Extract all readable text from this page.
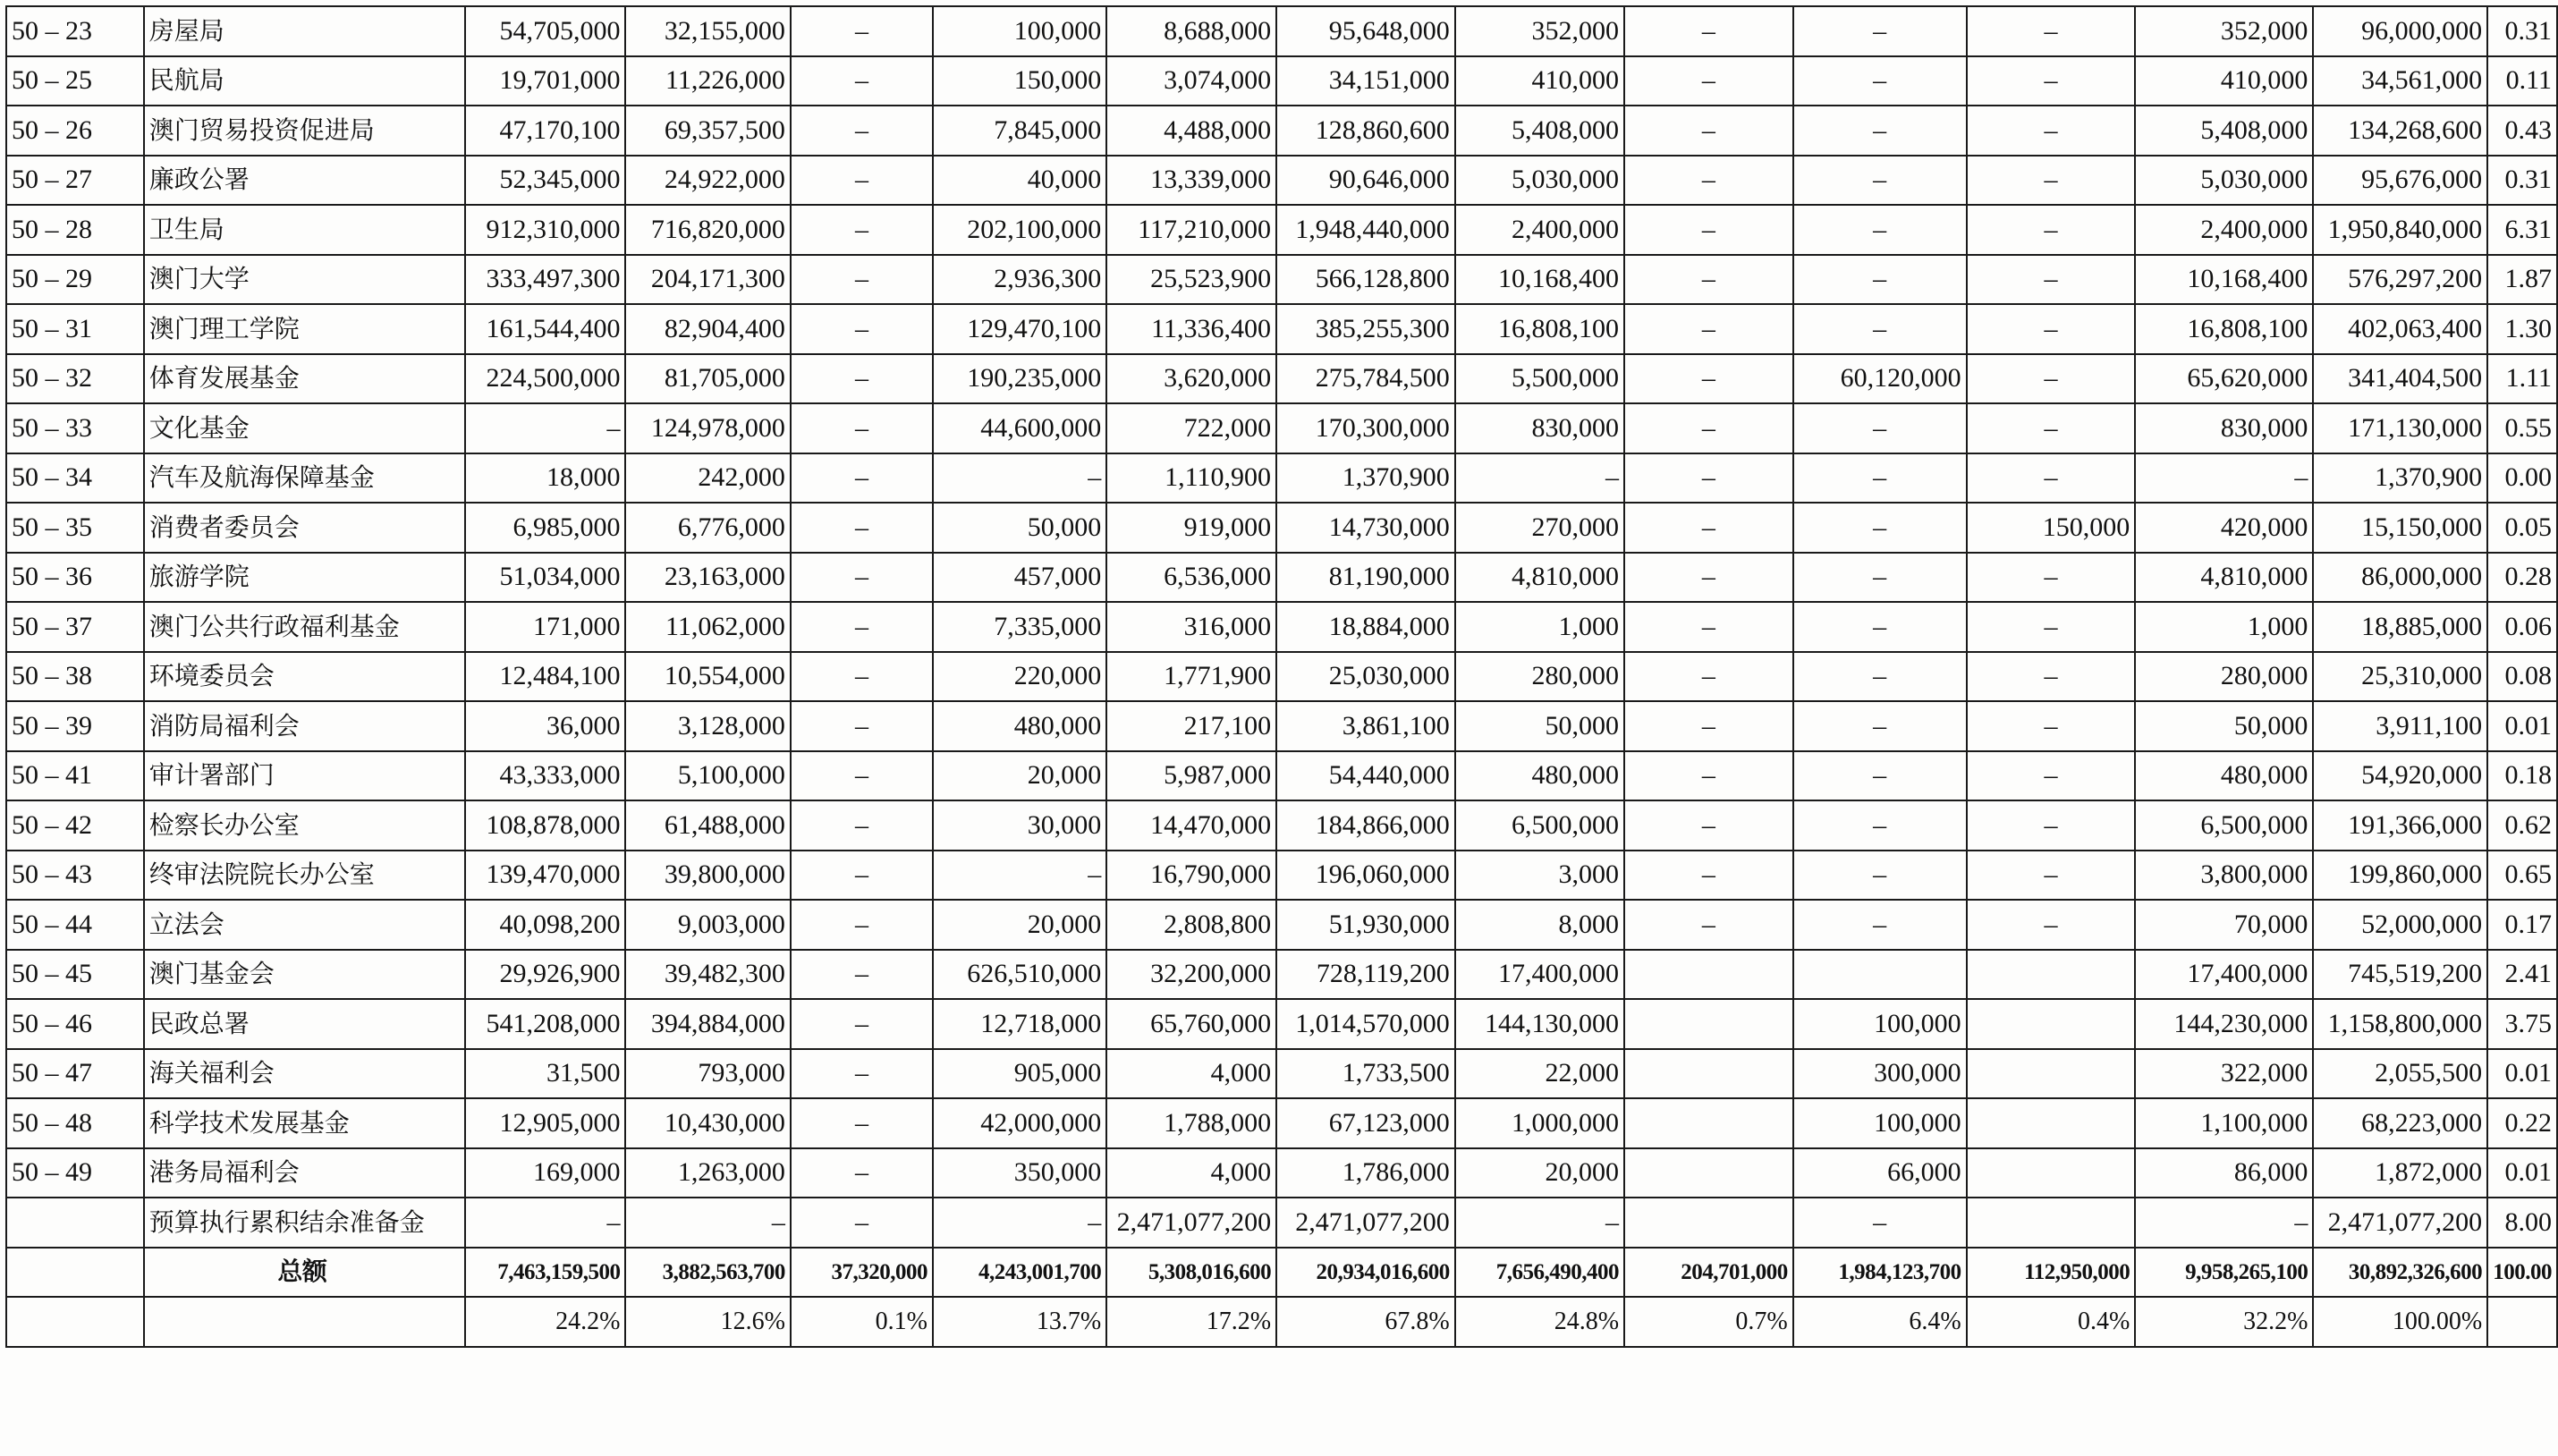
50 – 23	房屋局	54,705,000	32,155,000	–	100,000	8,688,000	95,648,000	352,000	–	–	–	352,000	96,000,000	0.31
50 – 25	民航局	19,701,000	11,226,000	–	150,000	3,074,000	34,151,000	410,000	–	–	–	410,000	34,561,000	0.11
50 – 26	澳门贸易投资促进局	47,170,100	69,357,500	–	7,845,000	4,488,000	128,860,600	5,408,000	–	–	–	5,408,000	134,268,600	0.43
50 – 27	廉政公署	52,345,000	24,922,000	–	40,000	13,339,000	90,646,000	5,030,000	–	–	–	5,030,000	95,676,000	0.31
50 – 28	卫生局	912,310,000	716,820,000	–	202,100,000	117,210,000	1,948,440,000	2,400,000	–	–	–	2,400,000	1,950,840,000	6.31
50 – 29	澳门大学	333,497,300	204,171,300	–	2,936,300	25,523,900	566,128,800	10,168,400	–	–	–	10,168,400	576,297,200	1.87
50 – 31	澳门理工学院	161,544,400	82,904,400	–	129,470,100	11,336,400	385,255,300	16,808,100	–	–	–	16,808,100	402,063,400	1.30
50 – 32	体育发展基金	224,500,000	81,705,000	–	190,235,000	3,620,000	275,784,500	5,500,000	–	60,120,000	–	65,620,000	341,404,500	1.11
50 – 33	文化基金	–	124,978,000	–	44,600,000	722,000	170,300,000	830,000	–	–	–	830,000	171,130,000	0.55
50 – 34	汽车及航海保障基金	18,000	242,000	–	–	1,110,900	1,370,900	–	–	–	–	–	1,370,900	0.00
50 – 35	消费者委员会	6,985,000	6,776,000	–	50,000	919,000	14,730,000	270,000	–	–	150,000	420,000	15,150,000	0.05
50 – 36	旅游学院	51,034,000	23,163,000	–	457,000	6,536,000	81,190,000	4,810,000	–	–	–	4,810,000	86,000,000	0.28
50 – 37	澳门公共行政福利基金	171,000	11,062,000	–	7,335,000	316,000	18,884,000	1,000	–	–	–	1,000	18,885,000	0.06
50 – 38	环境委员会	12,484,100	10,554,000	–	220,000	1,771,900	25,030,000	280,000	–	–	–	280,000	25,310,000	0.08
50 – 39	消防局福利会	36,000	3,128,000	–	480,000	217,100	3,861,100	50,000	–	–	–	50,000	3,911,100	0.01
50 – 41	审计署部门	43,333,000	5,100,000	–	20,000	5,987,000	54,440,000	480,000	–	–	–	480,000	54,920,000	0.18
50 – 42	检察长办公室	108,878,000	61,488,000	–	30,000	14,470,000	184,866,000	6,500,000	–	–	–	6,500,000	191,366,000	0.62
50 – 43	终审法院院长办公室	139,470,000	39,800,000	–	–	16,790,000	196,060,000	3,000	–	–	–	3,800,000	199,860,000	0.65
50 – 44	立法会	40,098,200	9,003,000	–	20,000	2,808,800	51,930,000	8,000	–	–	–	70,000	52,000,000	0.17
50 – 45	澳门基金会	29,926,900	39,482,300	–	626,510,000	32,200,000	728,119,200	17,400,000				17,400,000	745,519,200	2.41
50 – 46	民政总署	541,208,000	394,884,000	–	12,718,000	65,760,000	1,014,570,000	144,130,000		100,000		144,230,000	1,158,800,000	3.75
50 – 47	海关福利会	31,500	793,000	–	905,000	4,000	1,733,500	22,000		300,000		322,000	2,055,500	0.01
50 – 48	科学技术发展基金	12,905,000	10,430,000	–	42,000,000	1,788,000	67,123,000	1,000,000		100,000		1,100,000	68,223,000	0.22
50 – 49	港务局福利会	169,000	1,263,000	–	350,000	4,000	1,786,000	20,000		66,000		86,000	1,872,000	0.01
	预算执行累积结余准备金	–	–	–	–	2,471,077,200	2,471,077,200	–		–		–	2,471,077,200	8.00
	总额	7,463,159,500	3,882,563,700	37,320,000	4,243,001,700	5,308,016,600	20,934,016,600	7,656,490,400	204,701,000	1,984,123,700	112,950,000	9,958,265,100	30,892,326,600	100.00
		24.2%	12.6%	0.1%	13.7%	17.2%	67.8%	24.8%	0.7%	6.4%	0.4%	32.2%	100.00%	
